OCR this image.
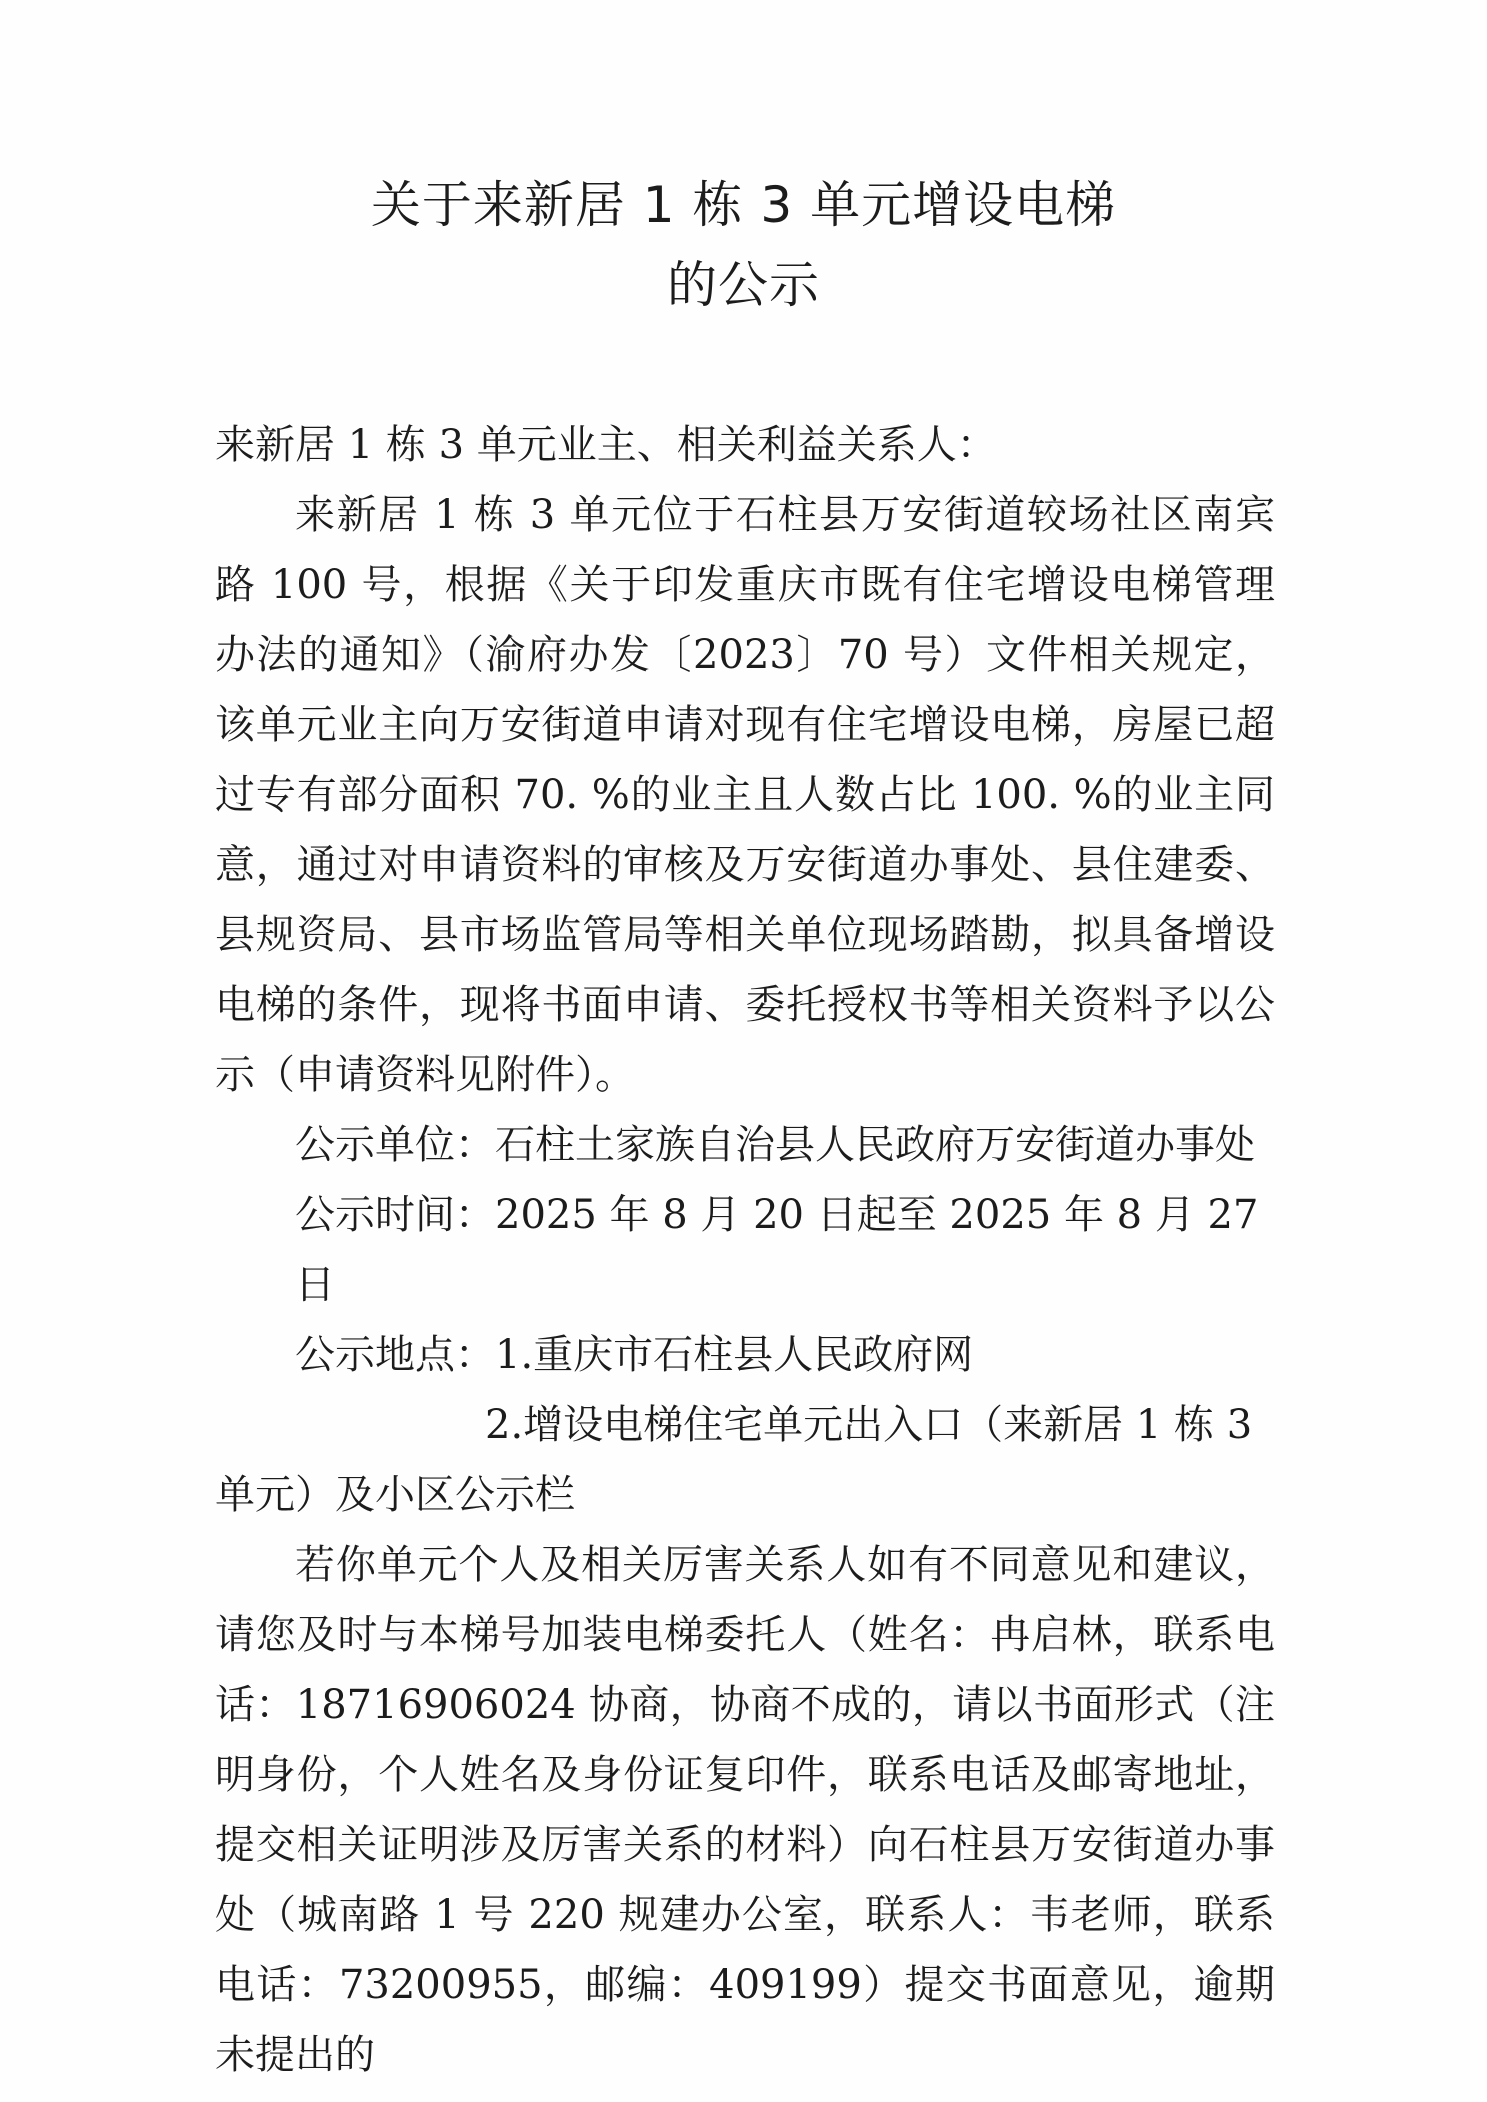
关于来新居 1 栋 3 单元增设电梯
的公示

来新居 1 栋 3 单元业主、相关利益关系人：

来新居 1 栋 3 单元位于石柱县万安街道较场社区南宾路 100 号，根据《关于印发重庆市既有住宅增设电梯管理办法的通知》（渝府办发〔2023〕70 号）文件相关规定，该单元业主向万安街道申请对现有住宅增设电梯，房屋已超过专有部分面积 70. %的业主且人数占比 100. %的业主同意，通过对申请资料的审核及万安街道办事处、县住建委、县规资局、县市场监管局等相关单位现场踏勘，拟具备增设电梯的条件，现将书面申请、委托授权书等相关资料予以公示（申请资料见附件）。

公示单位：石柱土家族自治县人民政府万安街道办事处

公示时间：2025 年 8 月 20 日起至 2025 年 8 月 27 日

公示地点：1.重庆市石柱县人民政府网

2.增设电梯住宅单元出入口（来新居 1 栋 3 单元）及小区公示栏

若你单元个人及相关厉害关系人如有不同意见和建议，请您及时与本梯号加装电梯委托人（姓名：冉启林，联系电话：18716906024 协商，协商不成的，请以书面形式（注明身份，个人姓名及身份证复印件，联系电话及邮寄地址，提交相关证明涉及厉害关系的材料）向石柱县万安街道办事处（城南路 1 号 220 规建办公室，联系人：韦老师，联系电话：73200955，邮编：409199）提交书面意见，逾期未提出的
